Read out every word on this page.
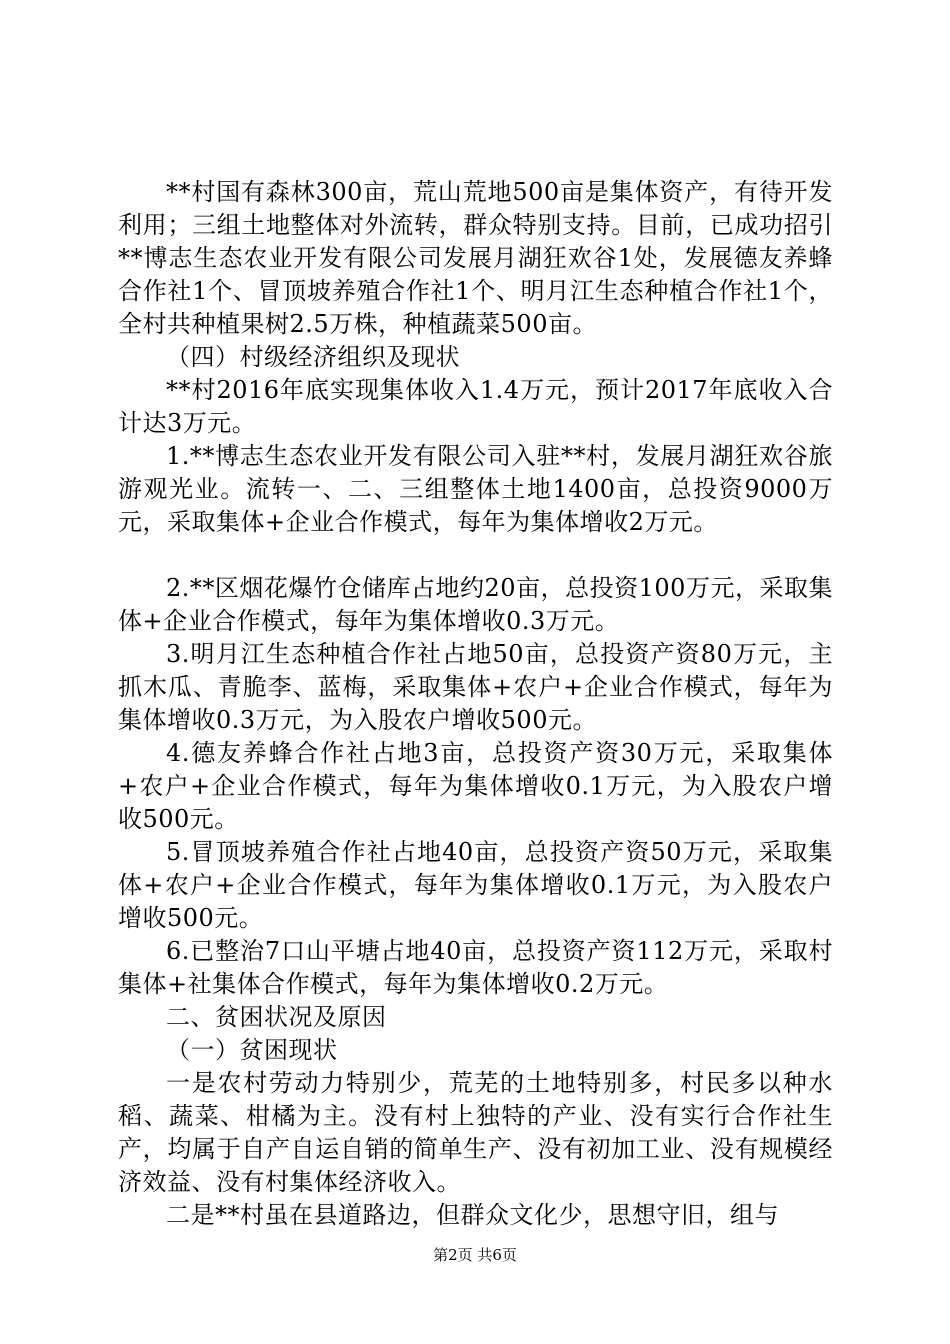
**村国有森林300亩，荒山荒地500亩是集体资产，有待开发利用；三组土地整体对外流转，群众特别支持。目前，已成功招引**博志生态农业开发有限公司发展月湖狂欢谷1处，发展德友养蜂合作社1个、冒顶坡养殖合作社1个、明月江生态种植合作社1个，全村共种植果树2.5万株，种植蔬菜500亩。

（四）村级经济组织及现状

**村2016年底实现集体收入1.4万元，预计2017年底收入合计达3万元。

1.**博志生态农业开发有限公司入驻**村，发展月湖狂欢谷旅游观光业。流转一、二、三组整体土地1400亩，总投资9000万元，采取集体+企业合作模式，每年为集体增收2万元。

2.**区烟花爆竹仓储库占地约20亩，总投资100万元，采取集体+企业合作模式，每年为集体增收0.3万元。

3.明月江生态种植合作社占地50亩，总投资产资80万元，主抓木瓜、青脆李、蓝梅，采取集体+农户+企业合作模式，每年为集体增收0.3万元，为入股农户增收500元。

4.德友养蜂合作社占地3亩，总投资产资30万元，采取集体+农户+企业合作模式，每年为集体增收0.1万元，为入股农户增收500元。

5.冒顶坡养殖合作社占地40亩，总投资产资50万元，采取集体+农户+企业合作模式，每年为集体增收0.1万元，为入股农户增收500元。

6.已整治7口山平塘占地40亩，总投资产资112万元，采取村集体+社集体合作模式，每年为集体增收0.2万元。

二、贫困状况及原因

（一）贫困现状

一是农村劳动力特别少，荒芜的土地特别多，村民多以种水稻、蔬菜、柑橘为主。没有村上独特的产业、没有实行合作社生产，均属于自产自运自销的简单生产、没有初加工业、没有规模经济效益、没有村集体经济收入。

二是**村虽在县道路边，但群众文化少，思想守旧，组与

第2页 共6页
